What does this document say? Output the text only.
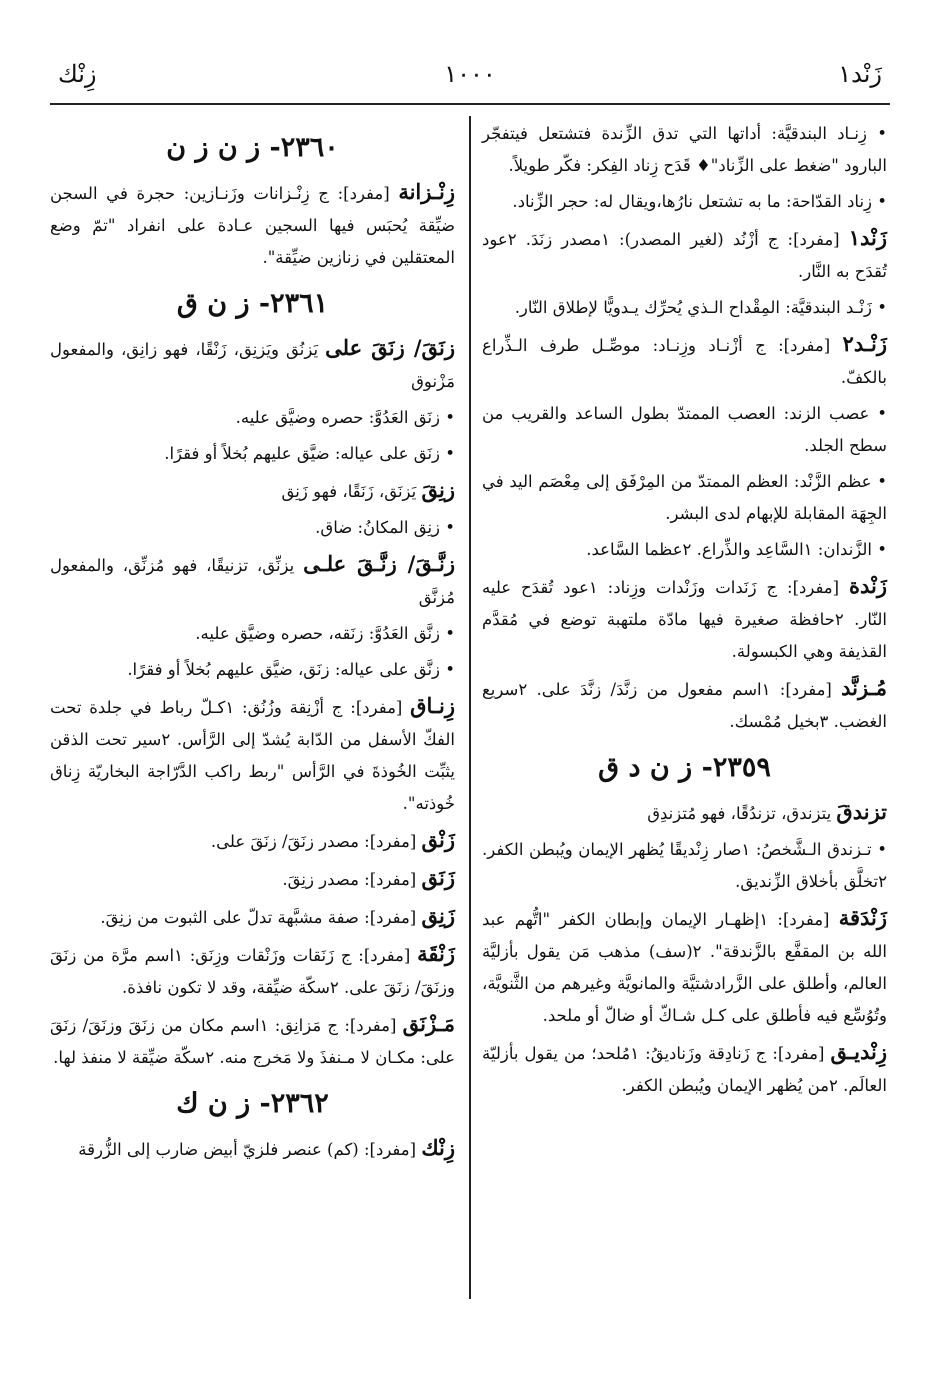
زَنْد۱
١٠٠٠
زِنْك

• زِنـاد البندقيَّة: أداتها التي تدق الزِّندة فتشتعل فيتفجّر البارود "ضغط على الزِّناد"♦ قَدَح زِناد الفِكر: فكّر طويلاً.

• زِناد القدّاحة: ما به تشتعل نارُها،ويقال له: حجر الزِّناد.

زَنْد۱ [مفرد]: ج أزْنُد (لغير المصدر): ١مصدر زنَدَ. ٢عود تُقدَح به النَّار.

• زَنْـد البندقيَّة: المِقْداح الـذي يُحرِّك يـدويًّا لإطلاق النّار.

زَنْـد۲ [مفرد]: ج أزْنـاد وزِنـاد: موصِّـل طرف الـذِّراع بالكفّ.

• عصب الزند: العصب الممتدّ بطول الساعد والقريب من سطح الجلد.

• عظم الزَّنْد: العظم الممتدّ من المِرْفَق إلى مِعْصَم اليد في الجِهَة المقابلة للإبهام لدى البشر.

• الزَّندان: ١السَّاعِد والذِّراع. ٢عظما السَّاعد.

زَنْدة [مفرد]: ج زَنَدات وزَنْدات وزِناد: ١عود تُقدَح عليه النّار. ٢حافظة صغيرة فيها مادّة ملتهبة توضع في مُقدَّم القذيفة وهي الكبسولة.

مُـزنَّد [مفرد]: ١اسم مفعول من زنَّدَ/ زنَّدَ على. ٢سريع الغضب. ٣بخيل مُمْسك.

٢٣٥٩- ز ن د ق

تزندقَ يتزندق، تزندُقًا، فهو مُتزندِق

• تـزندق الـشَّخصُ: ١صار زِنْديقًا يُظهر الإيمان ويُبطن الكفر. ٢تخلَّق بأخلاق الزِّنديق.

زَنْدَقة [مفرد]: ١إظهـار الإيمان وإبطان الكفر "اتُّهم عبد الله بن المقفَّع بالزَّندقة". ٢(سف) مذهب مَن يقول بأزليَّة العالم، وأطلق على الزَّرادشتيَّة والمانويَّة وغيرهم من الثَّنويَّة، وتُوُسِّع فيه فأطلق على كـل شـاكّ أو ضالّ أو ملحد.

زِنْديـق [مفرد]: ج زَنادِقة وزَناديقُ: ١مُلحد؛ من يقول بأزليّة العالَم. ٢من يُظهر الإيمان ويُبطن الكفر.

٢٣٦٠- ز ن ز ن

زِنْـزانة [مفرد]: ج زِنْـزانات وزَنـازين: حجرة في السجن ضيِّقة يُحبَس فيها السجين عـادة على انفراد "تمّ وضع المعتقلين في زنازين ضيِّقة".

٢٣٦١- ز ن ق

زنَقَ/ زنَقَ على يَزنُق ويَزنِق، زَنْقًا، فهو زانِق، والمفعول مَزْنوق

• زنَق العَدُوَّ: حصره وضيَّق عليه.

• زنَق على عياله: ضيَّق عليهم بُخلاً أو فقرًا.

زنِقَ يَزنَق، زَنَقًا، فهو زَنِق

• زنِق المكانُ: ضاق.

زنَّـقَ/ زنَّـقَ علـى يزنِّق، تزنيقًا، فهو مُزنِّق، والمفعول مُزنَّق

• زنَّق العَدُوَّ: زنَقه، حصره وضيَّق عليه.

• زنَّق على عياله: زنَق، ضيَّق عليهم بُخلاً أو فقرًا.

زِنـاق [مفرد]: ج أزْنِقة وزُنُق: ١كـلّ رباط في جلدة تحت الفكّ الأسفل من الدّابة يُشدّ إلى الرَّأس. ٢سير تحت الذقن يثبِّت الخُوذةَ في الرَّأس "ربط راكب الدَّرّاجة البخاريّة زِناق خُوذته".

زَنْق [مفرد]: مصدر زنَقَ/ زنَقَ على.

زَنَق [مفرد]: مصدر زنِقَ.

زَنِق [مفرد]: صفة مشبَّهة تدلّ على الثبوت من زنِقَ.

زَنْقَة [مفرد]: ج زَنَقات وزَنْقات وزِنَق: ١اسم مرَّة من زنَقَ وزنَقَ/ زنَقَ على. ٢سكّة ضيِّقة، وقد لا تكون نافذة.

مَـزْنَق [مفرد]: ج مَزانِق: ١اسم مكان من زنَقَ وزنَقَ/ زنَقَ على: مكـان لا مـنفذَ ولا مَخرج منه. ٢سكّة ضيِّقة لا منفذ لها.

٢٣٦٢- ز ن ك

زِنْك [مفرد]: (كم) عنصر فلزيّ أبيض ضارب إلى الزُّرقة
